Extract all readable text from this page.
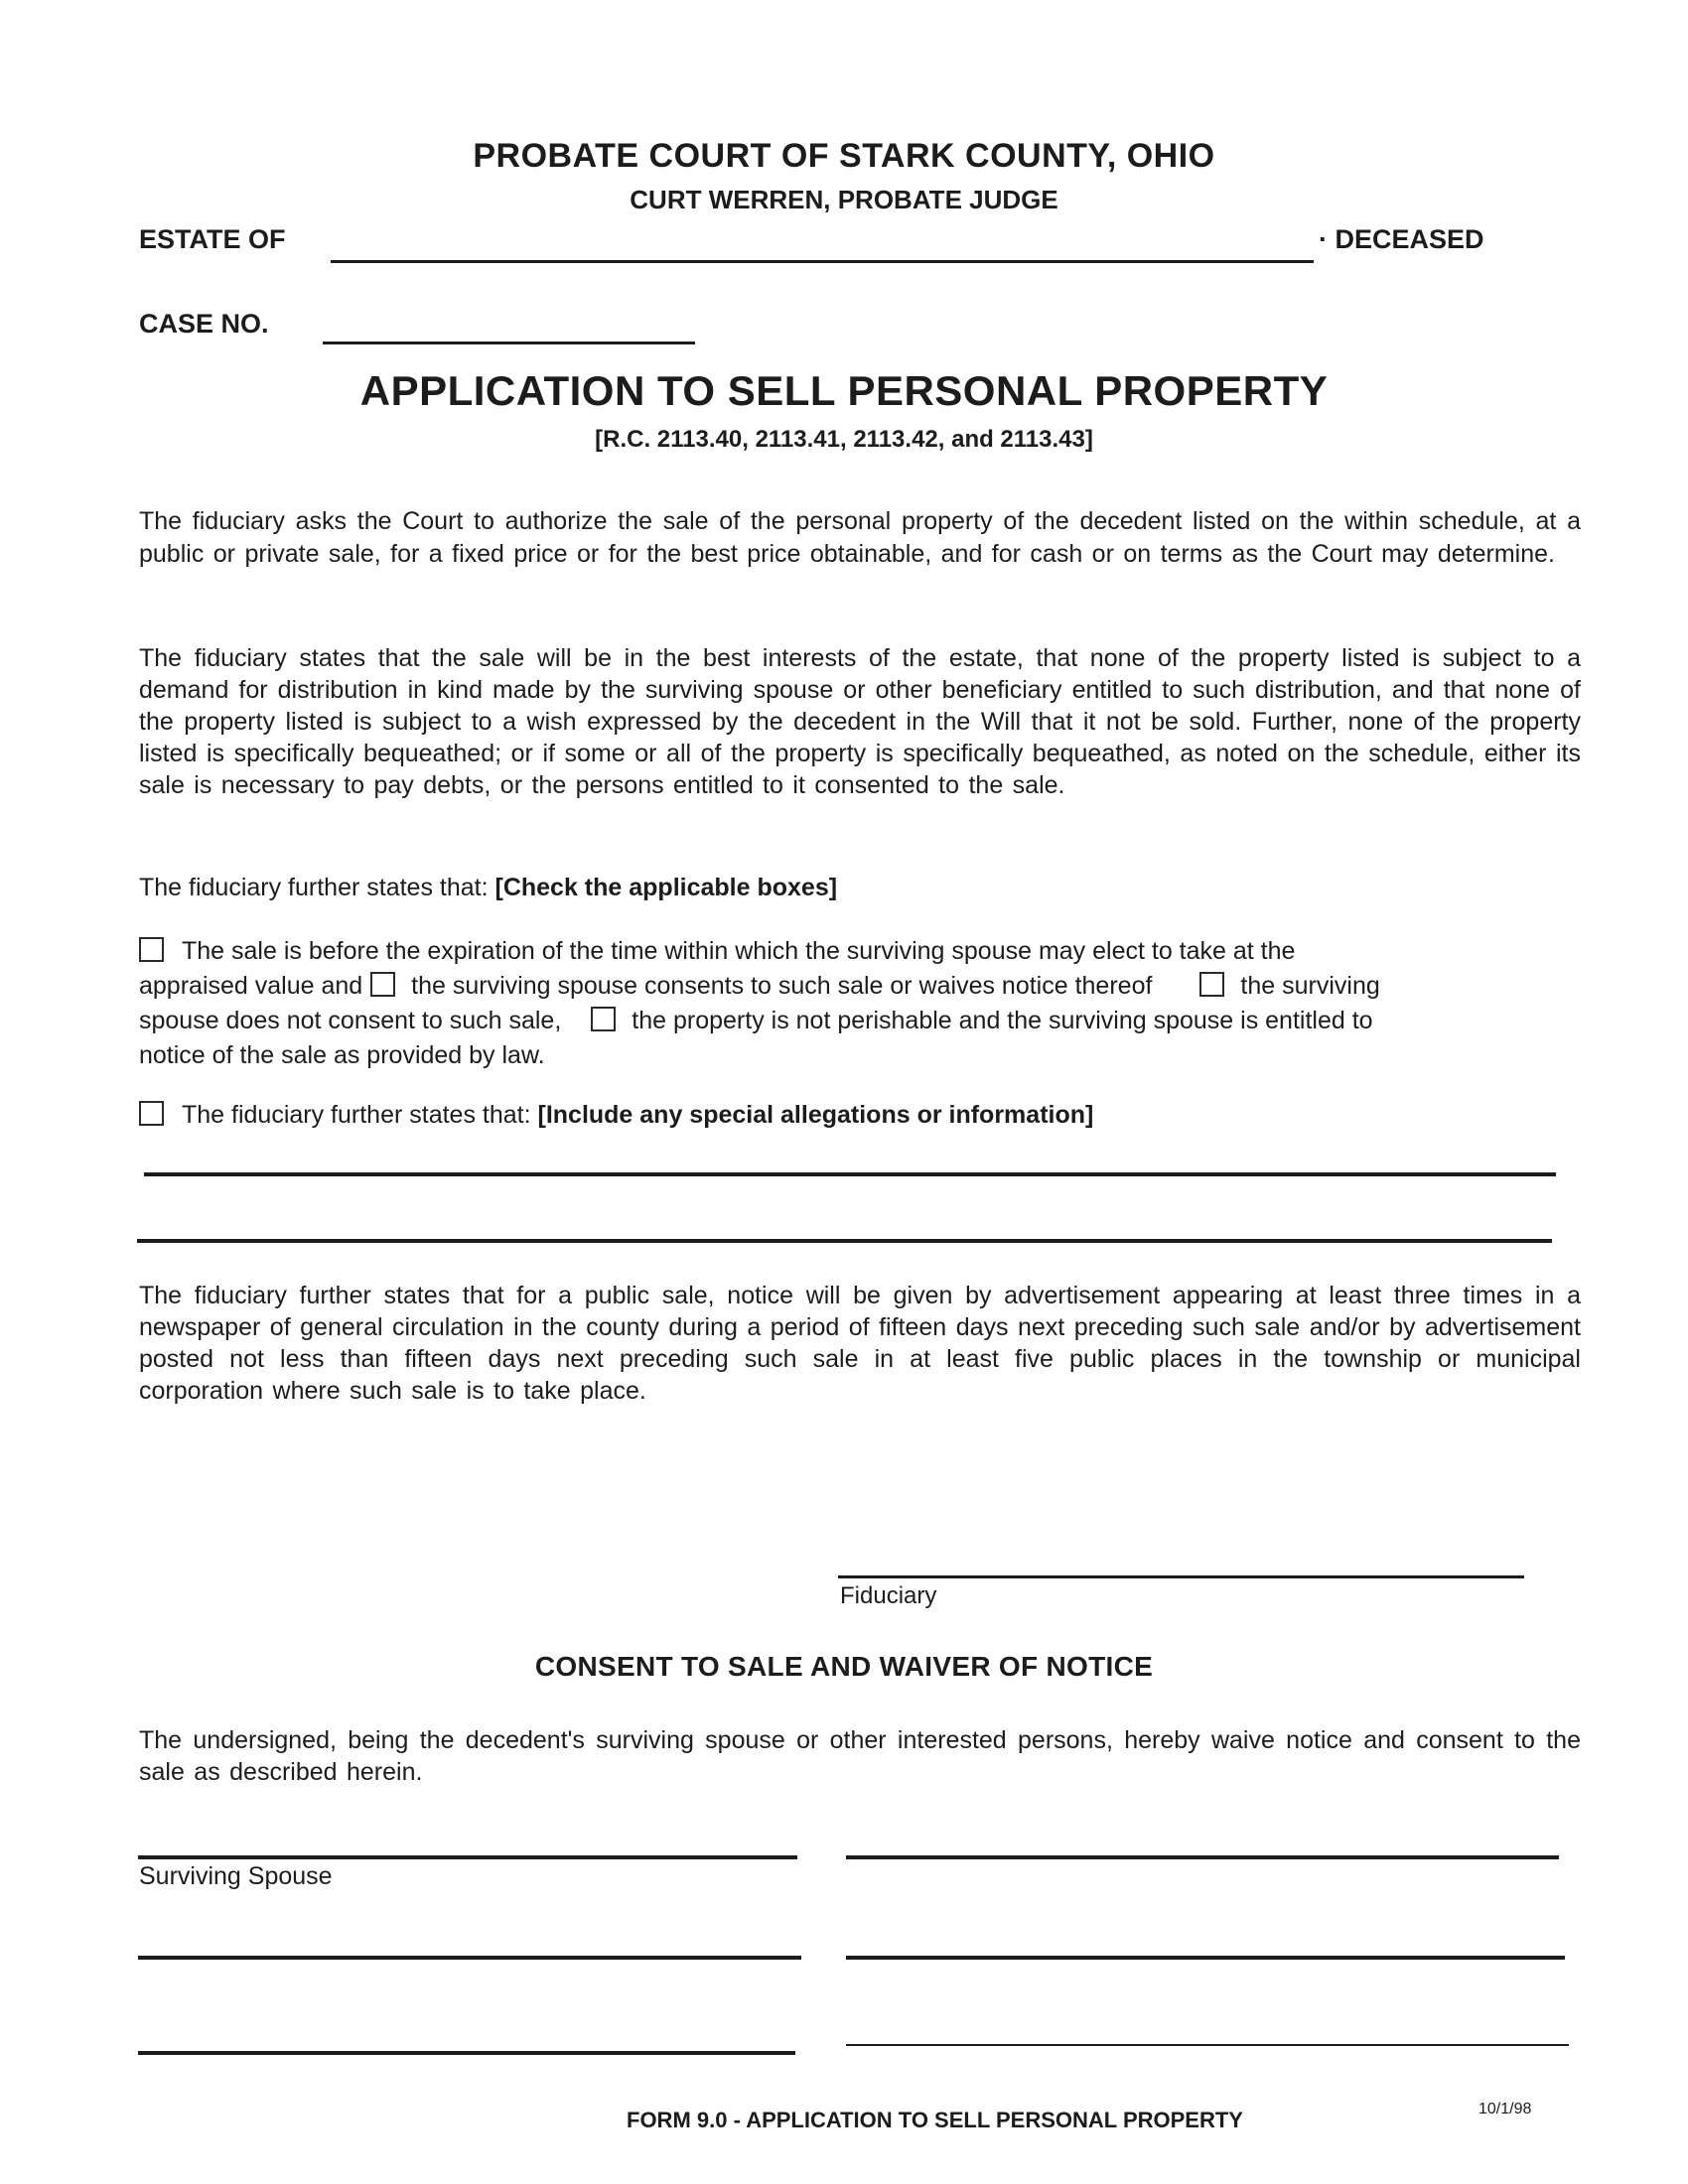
PROBATE COURT OF STARK COUNTY, OHIO
CURT WERREN, PROBATE JUDGE
ESTATE OF	· DECEASED
CASE NO.
APPLICATION TO SELL PERSONAL PROPERTY
[R.C. 2113.40, 2113.41, 2113.42, and 2113.43]
The fiduciary asks the Court to authorize the sale of the personal property of the decedent listed on the within schedule, at a public or private sale, for a fixed price or for the best price obtainable, and for cash or on terms as the Court may determine.
The fiduciary states that the sale will be in the best interests of the estate, that none of the property listed is subject to a demand for distribution in kind made by the surviving spouse or other beneficiary entitled to such distribution, and that none of the property listed is subject to a wish expressed by the decedent in the Will that it not be sold. Further, none of the property listed is specifically bequeathed; or if some or all of the property is specifically bequeathed, as noted on the schedule, either its sale is necessary to pay debts, or the persons entitled to it consented to the sale.
The fiduciary further states that: [Check the applicable boxes]
The sale is before the expiration of the time within which the surviving spouse may elect to take at the
appraised value and the surviving spouse consents to such sale or waives notice thereof	the surviving
spouse does not consent to such sale,	the property is not perishable and the surviving spouse is entitled to
notice of the sale as provided by law.
The fiduciary further states that: [Include any special allegations or information]
The fiduciary further states that for a public sale, notice will be given by advertisement appearing at least three times in a newspaper of general circulation in the county during a period of fifteen days next preceding such sale and/or by advertisement posted not less than fifteen days next preceding such sale in at least five public places in the township or municipal corporation where such sale is to take place.
Fiduciary
CONSENT TO SALE AND WAIVER OF NOTICE
The undersigned, being the decedent's surviving spouse or other interested persons, hereby waive notice and consent to the sale as described herein.
Surviving Spouse
FORM 9.0 - APPLICATION TO SELL PERSONAL PROPERTY	10/1/98
